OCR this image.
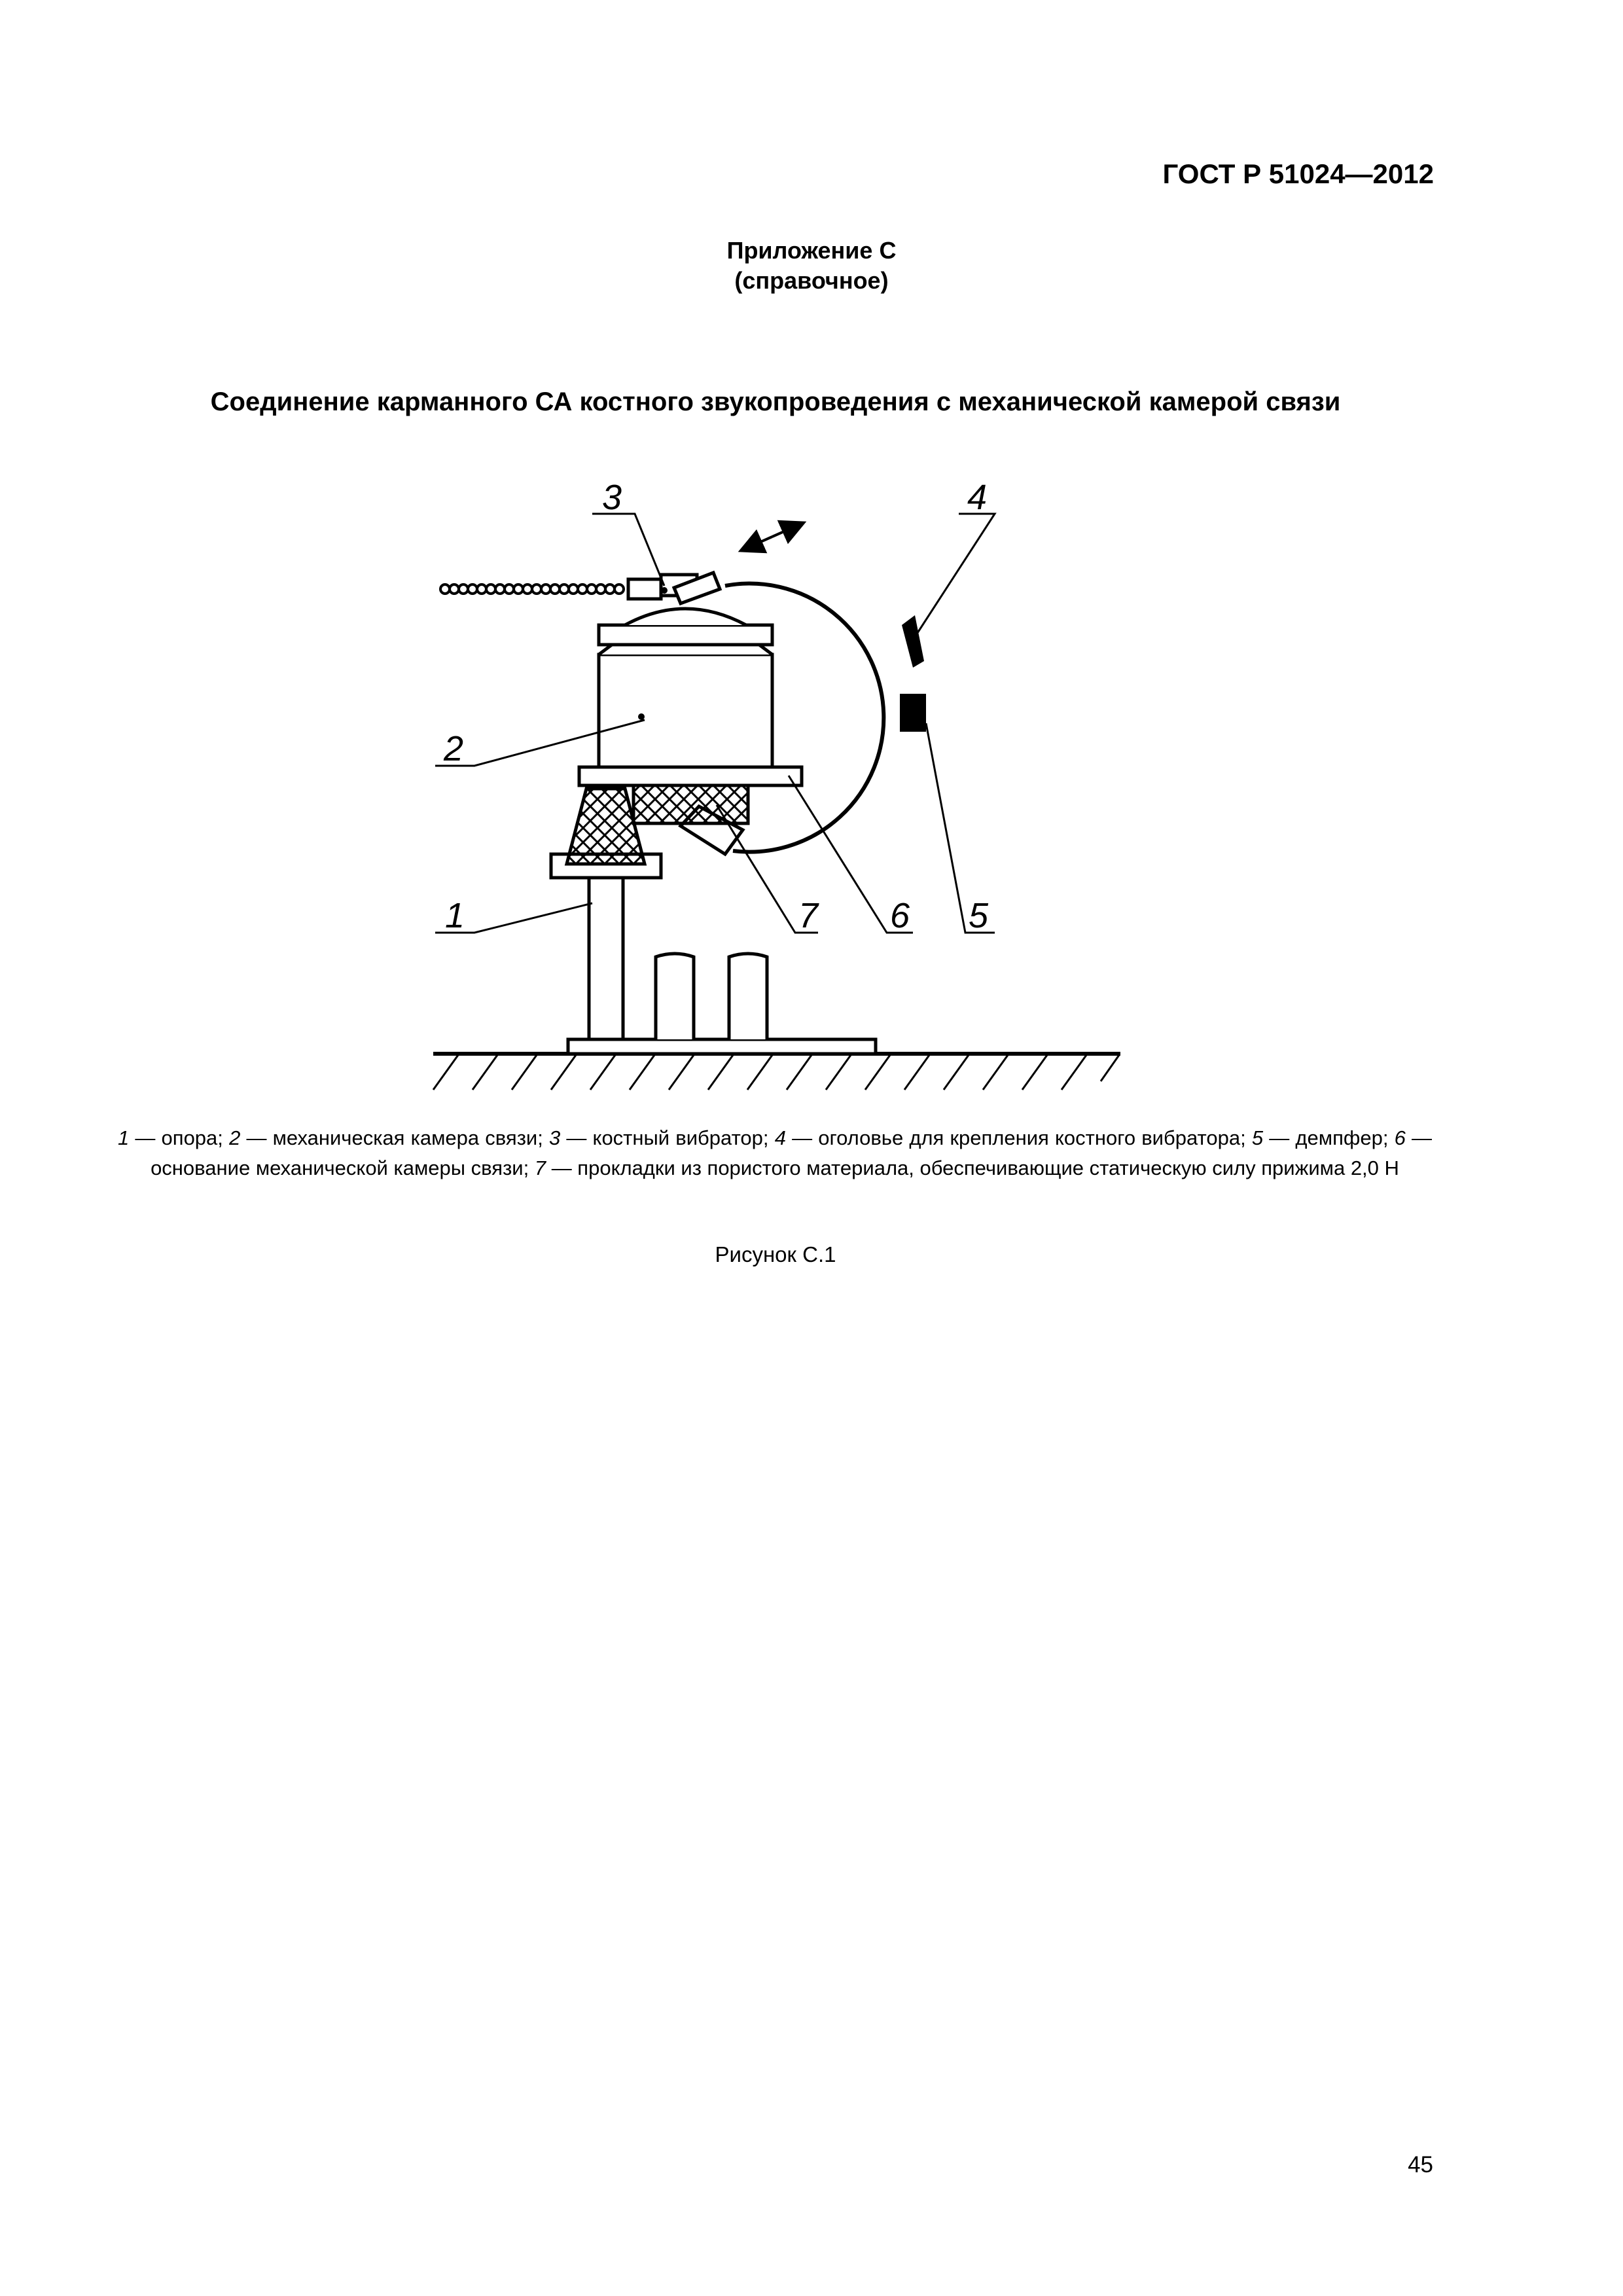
ГОСТ Р 51024—2012
Приложение С
(справочное)
Соединение карманного СА костного звукопроведения с механической камерой связи
3	4
2
1	7 6 5
1 — опора; 2 — механическая камера связи; 3 — костный вибратор; 4 — оголовье для крепления костного вибратора; 5 — демпфер; 6 — основание механической камеры связи; 7 — прокладки из пористого материала, обеспечивающие статическую силу прижима 2,0 Н
Рисунок С.1
45
